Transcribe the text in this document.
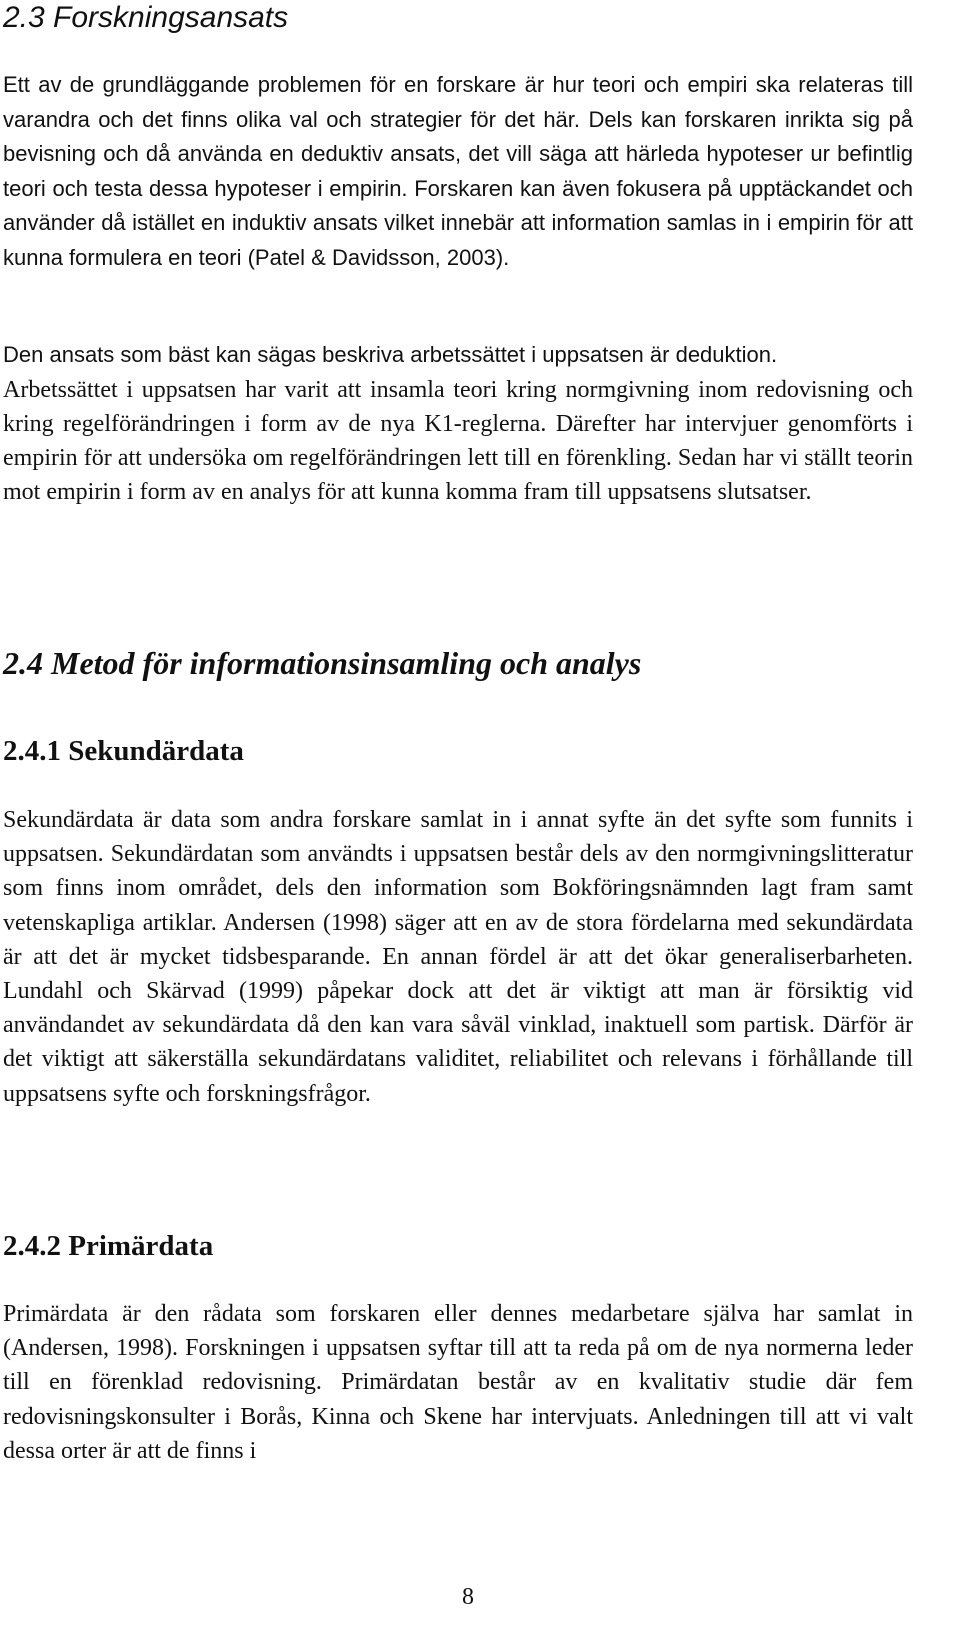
2.3 Forskningsansats

Ett av de grundläggande problemen för en forskare är hur teori och empiri ska relateras till varandra och det finns olika val och strategier för det här. Dels kan forskaren inrikta sig på bevisning och då använda en deduktiv ansats, det vill säga att härleda hypoteser ur befintlig teori och testa dessa hypoteser i empirin. Forskaren kan även fokusera på upptäckandet och använder då istället en induktiv ansats vilket innebär att information samlas in i empirin för att kunna formulera en teori (Patel & Davidsson, 2003).

Den ansats som bäst kan sägas beskriva arbetssättet i uppsatsen är deduktion.

Arbetssättet i uppsatsen har varit att insamla teori kring normgivning inom redovisning och kring regelförändringen i form av de nya K1-reglerna. Därefter har intervjuer genomförts i empirin för att undersöka om regelförändringen lett till en förenkling. Sedan har vi ställt teorin mot empirin i form av en analys för att kunna komma fram till uppsatsens slutsatser.

2.4 Metod för informationsinsamling och analys
2.4.1 Sekundärdata

Sekundärdata är data som andra forskare samlat in i annat syfte än det syfte som funnits i uppsatsen. Sekundärdatan som användts i uppsatsen består dels av den normgivningslitteratur som finns inom området, dels den information som Bokföringsnämnden lagt fram samt vetenskapliga artiklar. Andersen (1998) säger att en av de stora fördelarna med sekundärdata är att det är mycket tidsbesparande. En annan fördel är att det ökar generaliserbarheten. Lundahl och Skärvad (1999) påpekar dock att det är viktigt att man är försiktig vid användandet av sekundärdata då den kan vara såväl vinklad, inaktuell som partisk. Därför är det viktigt att säkerställa sekundärdatans validitet, reliabilitet och relevans i förhållande till uppsatsens syfte och forskningsfrågor.

2.4.2 Primärdata

Primärdata är den rådata som forskaren eller dennes medarbetare själva har samlat in (Andersen, 1998). Forskningen i uppsatsen syftar till att ta reda på om de nya normerna leder till en förenklad redovisning. Primärdatan består av en kvalitativ studie där fem redovisningskonsulter i Borås, Kinna och Skene har intervjuats. Anledningen till att vi valt dessa orter är att de finns i

8
